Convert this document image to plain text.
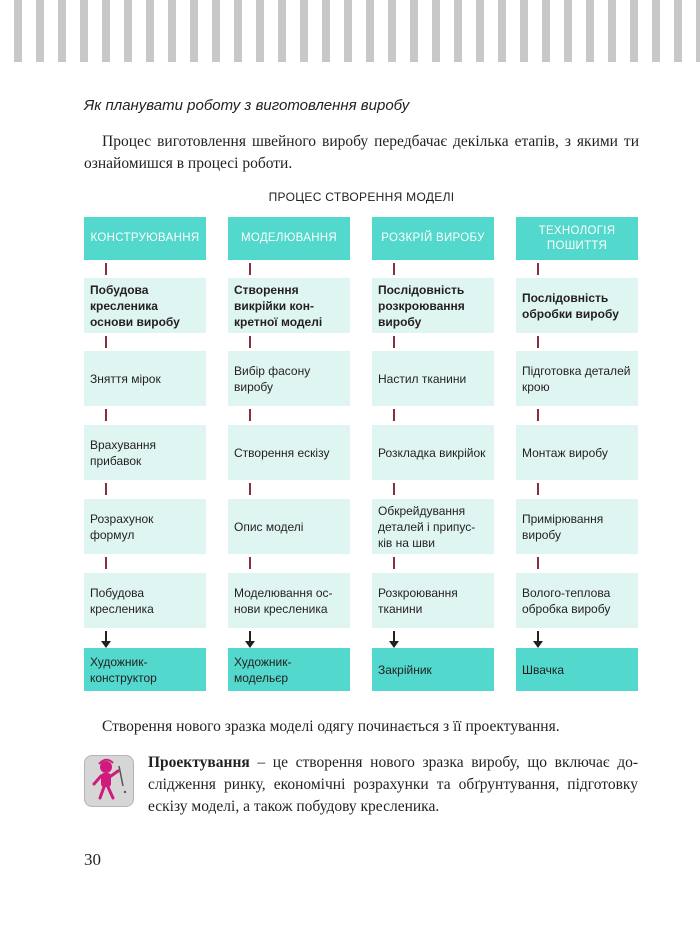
Як планувати роботу з виготовлення виробу

Процес виготовлення швейного виробу передбачає декілька етапів, з якими ти ознайомишся в процесі роботи.

ПРОЦЕС СТВОРЕННЯ МОДЕЛІ
КОНСТРУЮВАННЯ
Побудова кресленика основи виробу
Зняття мірок
Врахування прибавок
Розрахунок формул
Побудова кресленика
Художник-конструктор
МОДЕЛЮВАННЯ
Створення викрійки кон-кретної моделі
Вибір фасону виробу
Створення ескізу
Опис моделі
Моделювання ос-нови кресленика
Художник-модельєр
РОЗКРІЙ ВИРОБУ
Послідовність розкроювання виробу
Настил тканини
Розкладка викрійок
Обкрейдування деталей і припус-ків на шви
Розкроювання тканини
Закрійник
ТЕХНОЛОГІЯ ПОШИТТЯ
Послідовність обробки виробу
Підготовка деталей крою
Монтаж виробу
Примірювання виробу
Волого-теплова обробка виробу
Швачка

Створення нового зразка моделі одягу починається з її проектування.

Проектування – це створення нового зразка виробу, що включає до-слідження ринку, економічні розрахунки та обґрунтування, підготовку ескізу моделі, а також побудову кресленика.

30
